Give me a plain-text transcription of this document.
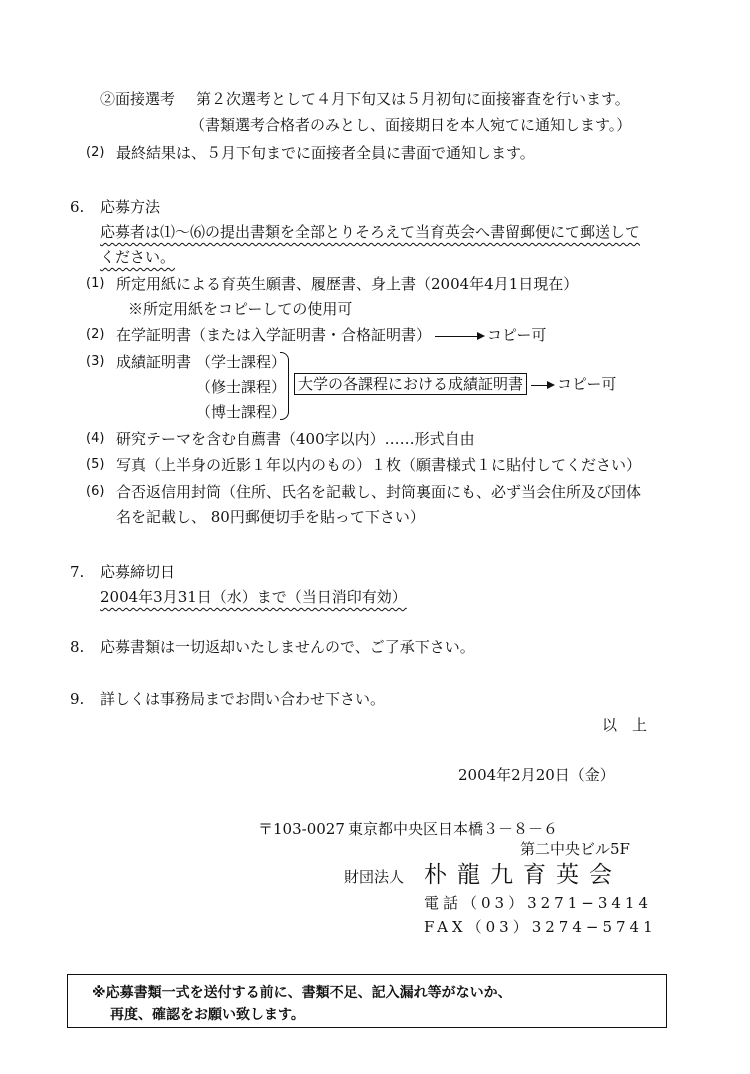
②面接選考 第２次選考として４月下旬又は５月初旬に面接審査を行います。
（書類選考合格者のみとし、面接期日を本人宛てに通知します。）
(2) 最終結果は、５月下旬までに面接者全員に書面で通知します。
6. 応募方法
応募者は⑴〜⑹の提出書類を全部とりそろえて当育英会へ書留郵便にて郵送して
ください。
(1) 所定用紙による育英生願書、履歴書、身上書（2004年4月1日現在）
※所定用紙をコピーしての使用可
(2) 在学証明書（または入学証明書・合格証明書）	コピー可
(3) 成績証明書 （学士課程）
（修士課程）
（博士課程）
大学の各課程における成績証明書 コピー可
(4) 研究テーマを含む自薦書（400字以内）……形式自由
(5) 写真（上半身の近影１年以内のもの）１枚（願書様式１に貼付してください）
(6) 合否返信用封筒（住所、氏名を記載し、封筒裏面にも、必ず当会住所及び団体
名を記載し、 80円郵便切手を貼って下さい）
7. 応募締切日
2004年3月31日（水）まで（当日消印有効）
8. 応募書類は一切返却いたしませんので、ご了承下さい。
9. 詳しくは事務局までお問い合わせ下さい。
以　上
2004年2月20日（金）
〒103-0027 東京都中央区日本橋３－８－６
第二中央ビル5F
財団法人 朴龍九育英会
電話（03）3271−3414
FAX（03）3274−5741
※応募書類一式を送付する前に、書類不足、記入漏れ等がないか、
再度、確認をお願い致します。
